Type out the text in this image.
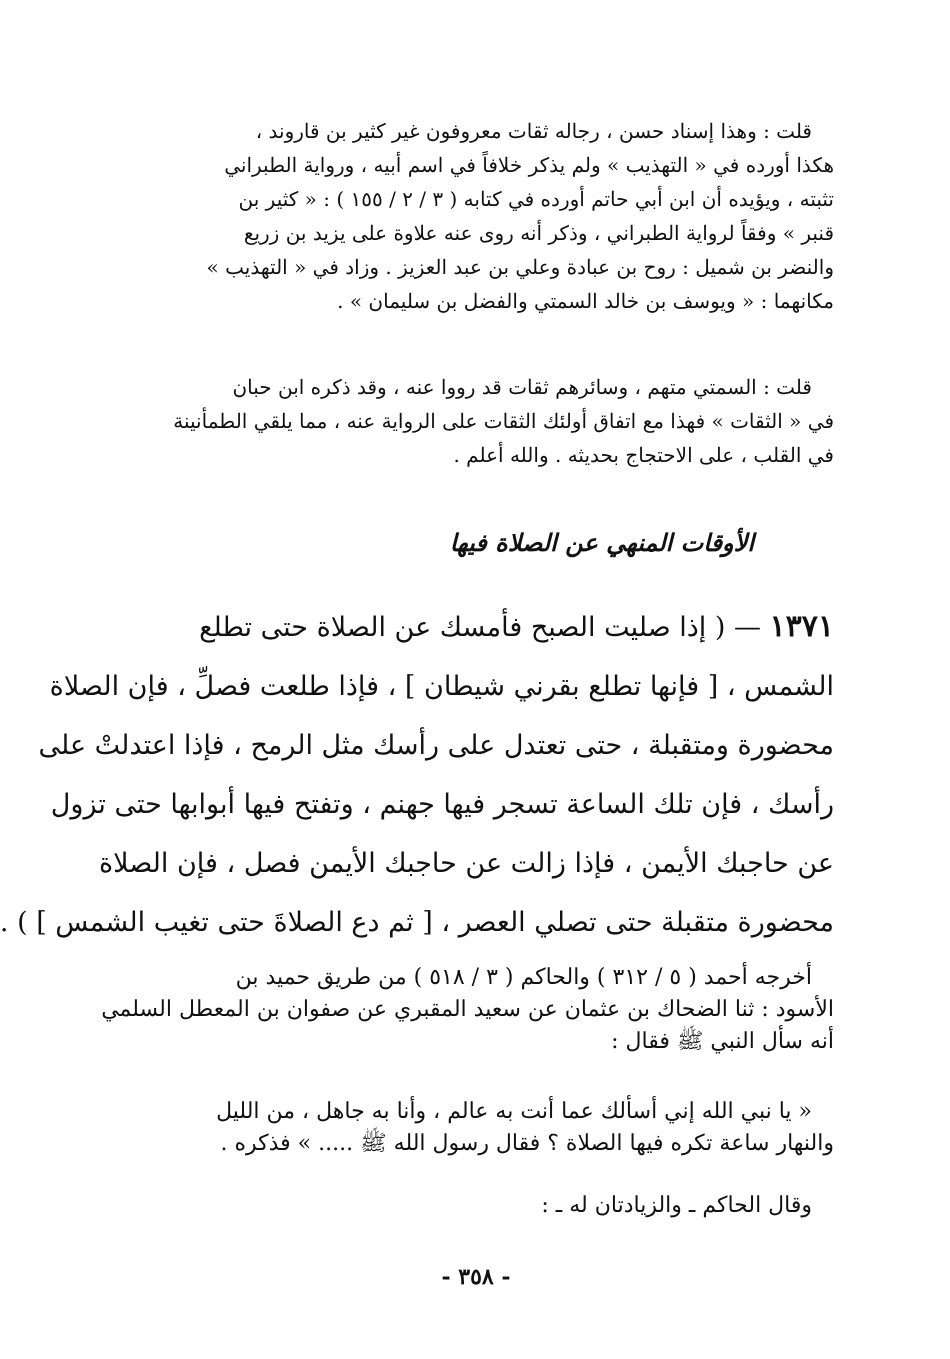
قلت : وهذا إسناد حسن ، رجاله ثقات معروفون غير كثير بن قاروند ،
هكذا أورده في « التهذيب » ولم يذكر خلافاً في اسم أبيه ، ورواية الطبراني
تثبته ، ويؤيده أن ابن أبي حاتم أورده في كتابه ( ٣ / ٢ / ١٥٥ ) : « كثير بن
قنبر » وفقاً لرواية الطبراني ، وذكر أنه روى عنه علاوة على يزيد بن زريع
والنضر بن شميل : روح بن عبادة وعلي بن عبد العزيز . وزاد في « التهذيب »
مكانهما : « ويوسف بن خالد السمتي والفضل بن سليمان » .
قلت : السمتي متهم ، وسائرهم ثقات قد رووا عنه ، وقد ذكره ابن حبان
في « الثقات » فهذا مع اتفاق أولئك الثقات على الرواية عنه ، مما يلقي الطمأنينة
في القلب ، على الاحتجاج بحديثه . والله أعلم .
الأوقات المنهي عن الصلاة فيها
١٣٧١ — ( إذا صليت الصبح فأمسك عن الصلاة حتى تطلع
الشمس ، [ فإنها تطلع بقرني شيطان ] ، فإذا طلعت فصلِّ ، فإن الصلاة
محضورة ومتقبلة ، حتى تعتدل على رأسك مثل الرمح ، فإذا اعتدلتْ على
رأسك ، فإن تلك الساعة تسجر فيها جهنم ، وتفتح فيها أبوابها حتى تزول
عن حاجبك الأيمن ، فإذا زالت عن حاجبك الأيمن فصل ، فإن الصلاة
محضورة متقبلة حتى تصلي العصر ، [ ثم دع الصلاةَ حتى تغيب الشمس ] ) .
أخرجه أحمد ( ٥ / ٣١٢ ) والحاكم ( ٣ / ٥١٨ ) من طريق حميد بن
الأسود : ثنا الضحاك بن عثمان عن سعيد المقبري عن صفوان بن المعطل السلمي
أنه سأل النبي ﷺ فقال :
« يا نبي الله إني أسألك عما أنت به عالم ، وأنا به جاهل ، من الليل
والنهار ساعة تكره فيها الصلاة ؟ فقال رسول الله ﷺ ..... » فذكره .
وقال الحاكم ـ والزيادتان له ـ :
- ٣٥٨ -
